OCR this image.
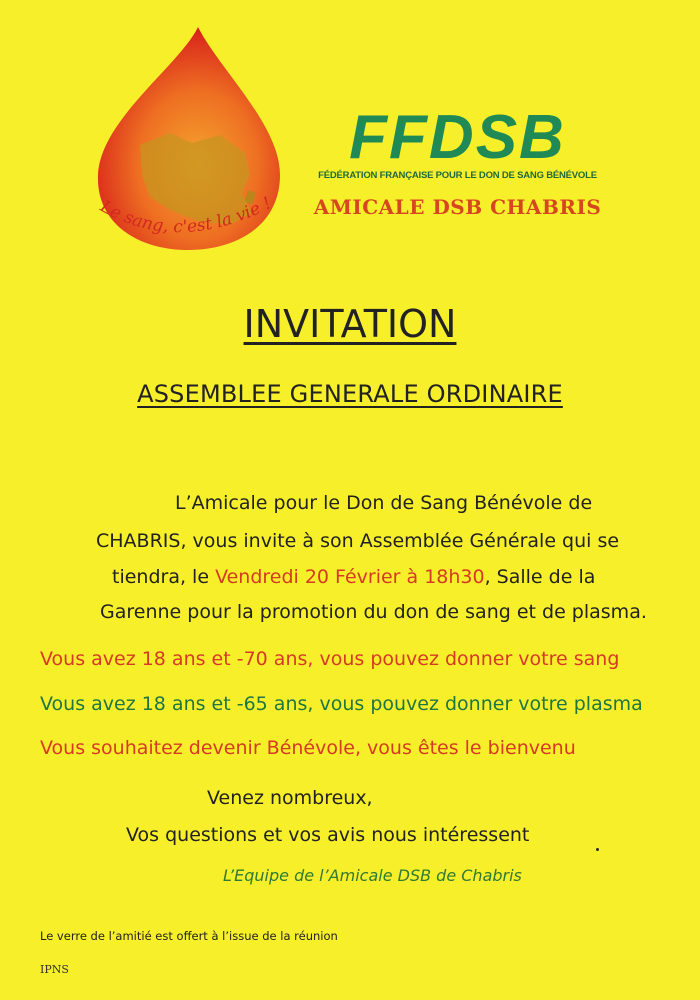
Le sang, c'est la vie !
FFDSB
FÉDÉRATION FRANÇAISE POUR LE DON DE SANG BÉNÉVOLE
AMICALE DSB CHABRIS
INVITATION
ASSEMBLEE GENERALE ORDINAIRE
L’Amicale pour le Don de Sang Bénévole de
CHABRIS, vous invite à son Assemblée Générale qui se
tiendra, le Vendredi 20 Février à 18h30, Salle de la
Garenne pour la promotion du don de sang et de plasma.
Vous avez 18 ans et -70 ans, vous pouvez donner votre sang
Vous avez 18 ans et -65 ans, vous pouvez donner votre plasma
Vous souhaitez devenir Bénévole, vous êtes le bienvenu
Venez nombreux,
Vos questions et vos avis nous intéressent
L’Equipe de l’Amicale DSB de Chabris
Le verre de l’amitié est offert à l’issue de la réunion
IPNS
